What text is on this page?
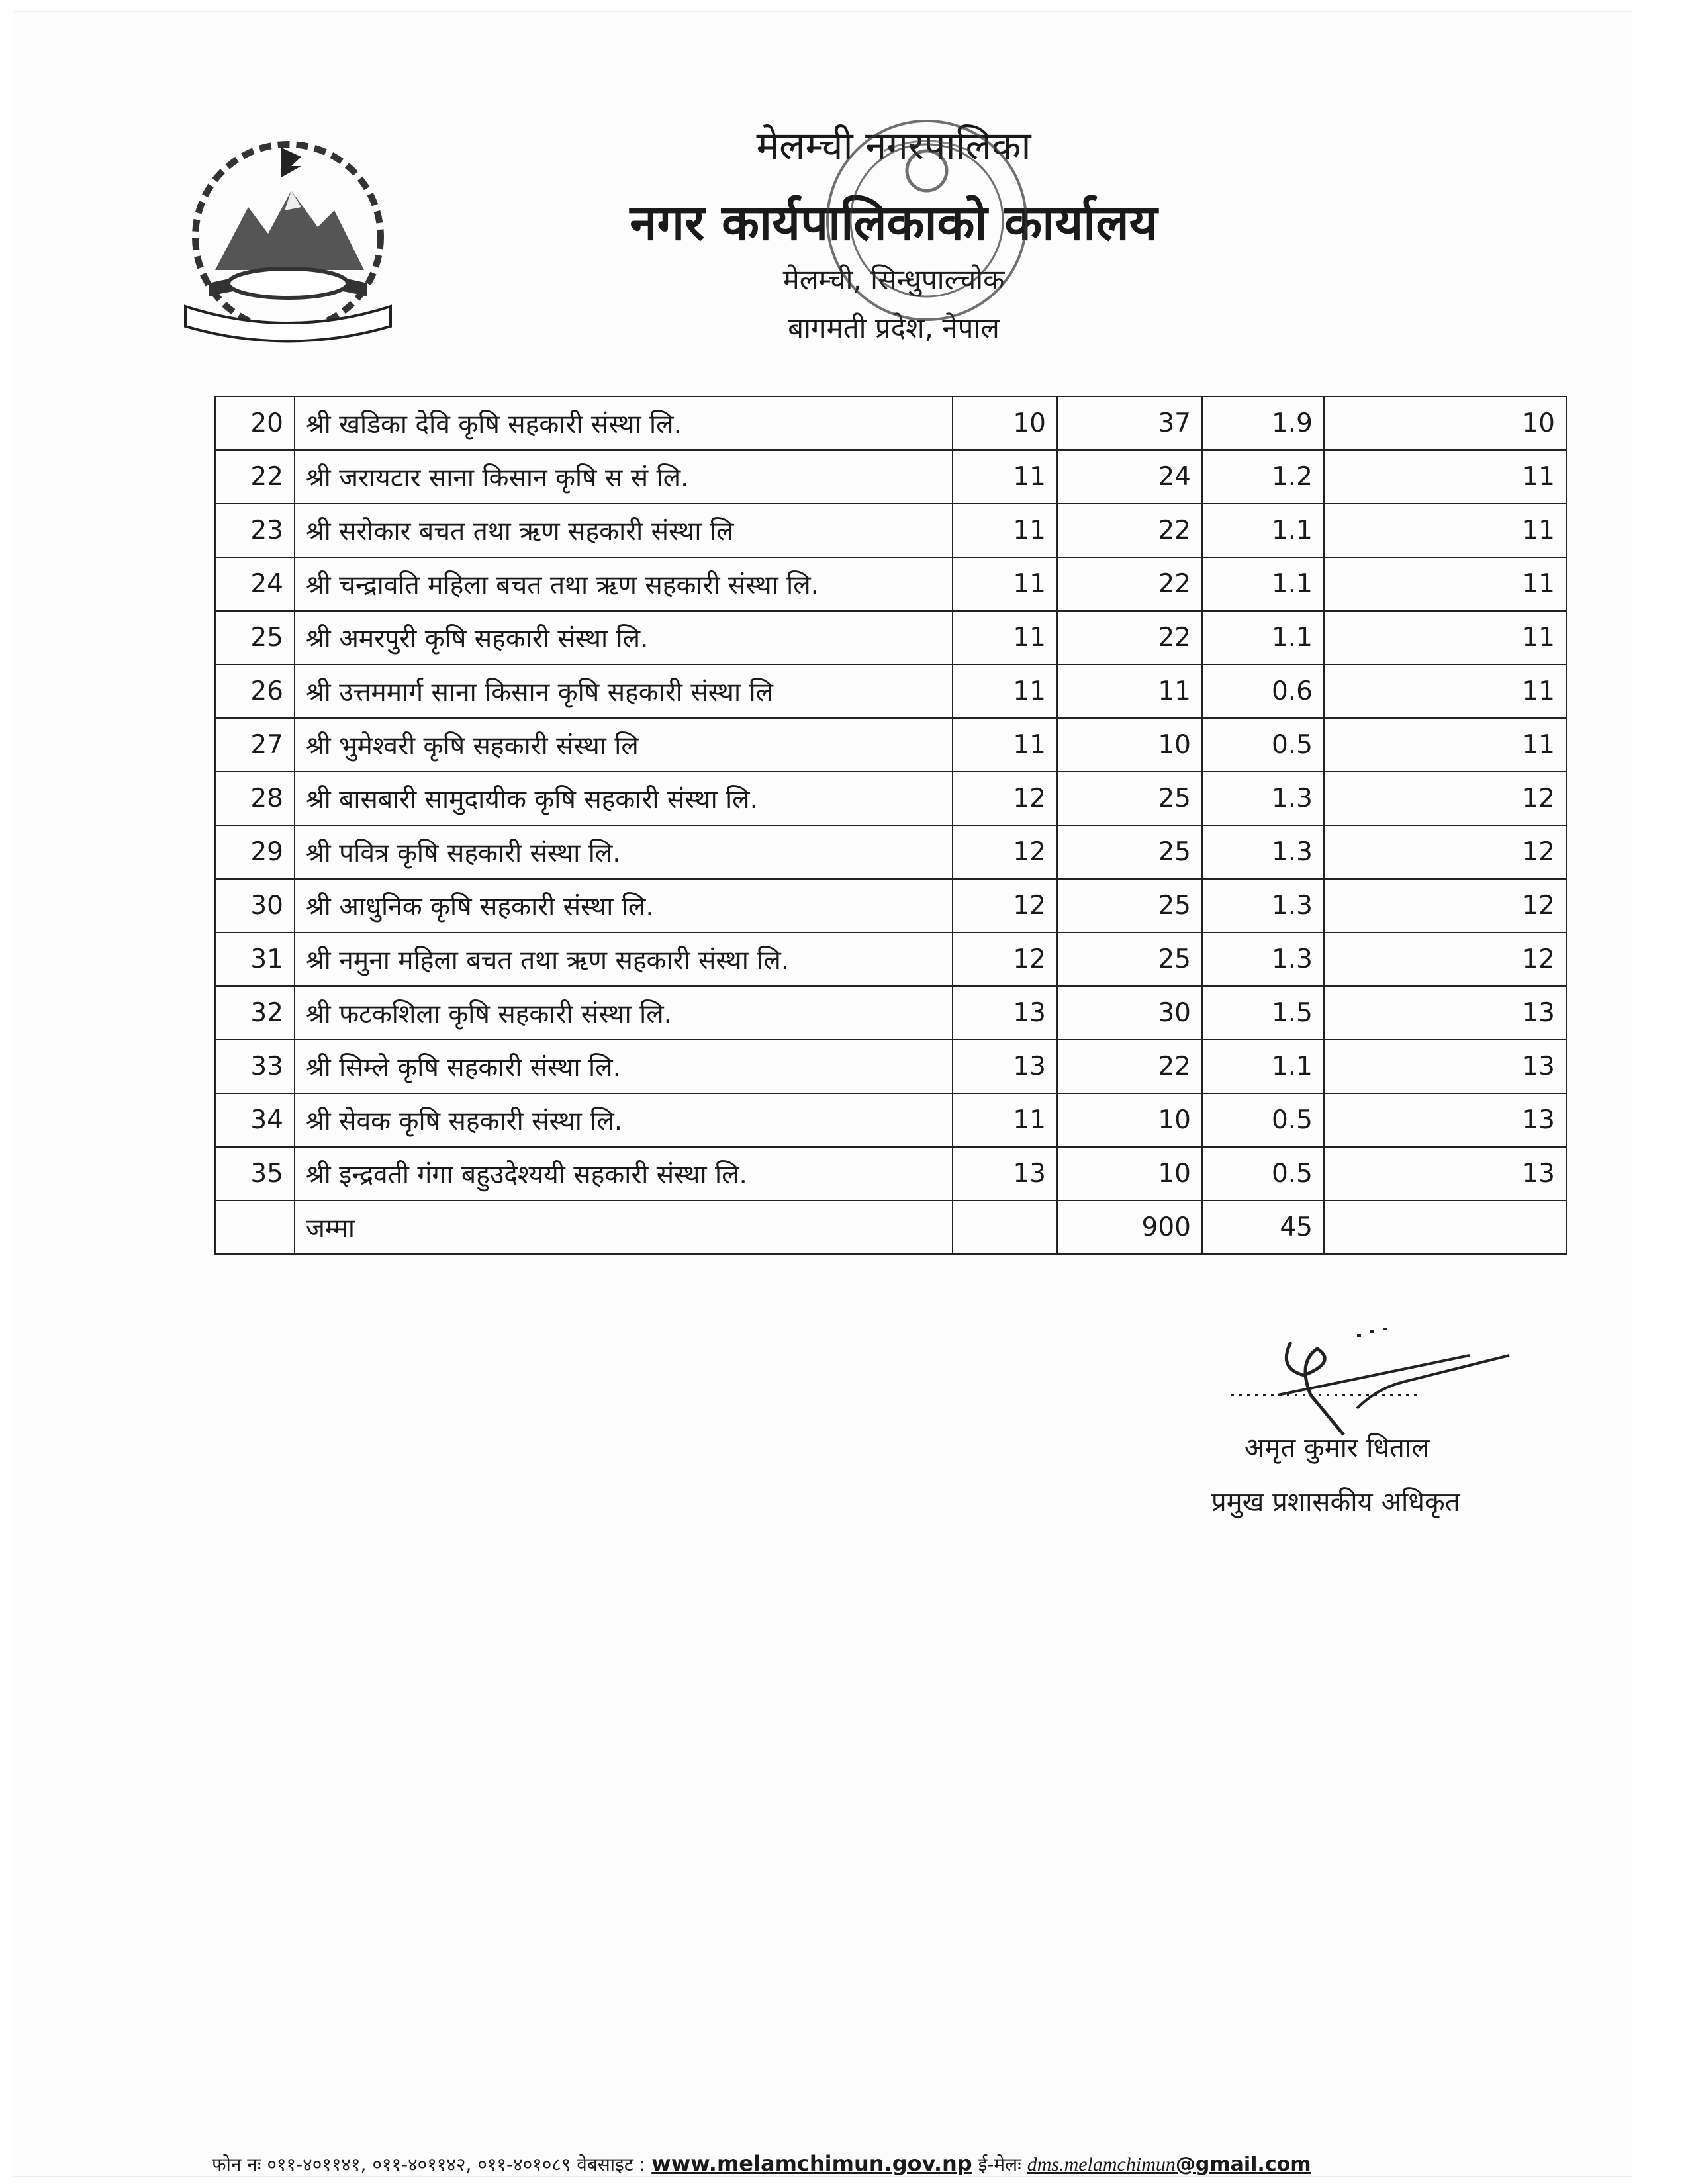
मेलम्ची नगरपालिका
नगर कार्यपालिकाको कार्यालय
मेलम्ची, सिन्धुपाल्चोक
बागमती प्रदेश, नेपाल
20	श्री खडिका देवि कृषि सहकारी संस्था लि.	10	37	1.9	10
22	श्री जरायटार साना किसान कृषि स सं लि.	11	24	1.2	11
23	श्री सरोकार बचत तथा ऋण सहकारी संस्था लि	11	22	1.1	11
24	श्री चन्द्रावति महिला बचत तथा ऋण सहकारी संस्था लि.	11	22	1.1	11
25	श्री अमरपुरी कृषि सहकारी संस्था लि.	11	22	1.1	11
26	श्री उत्तममार्ग साना किसान कृषि सहकारी संस्था लि	11	11	0.6	11
27	श्री भुमेश्वरी कृषि सहकारी संस्था लि	11	10	0.5	11
28	श्री बासबारी सामुदायीक कृषि सहकारी संस्था लि.	12	25	1.3	12
29	श्री पवित्र कृषि सहकारी संस्था लि.	12	25	1.3	12
30	श्री आधुनिक कृषि सहकारी संस्था लि.	12	25	1.3	12
31	श्री नमुना महिला बचत तथा ऋण सहकारी संस्था लि.	12	25	1.3	12
32	श्री फटकशिला कृषि सहकारी संस्था लि.	13	30	1.5	13
33	श्री सिम्ले कृषि सहकारी संस्था लि.	13	22	1.1	13
34	श्री सेवक कृषि सहकारी संस्था लि.	11	10	0.5	13
35	श्री इन्द्रवती गंगा बहुउदेश्ययी सहकारी संस्था लि.	13	10	0.5	13
	जम्मा		900	45	
अमृत कुमार धिताल
प्रमुख प्रशासकीय अधिकृत
फोन नः ०११-४०११४१, ०११-४०११४२, ०११-४०१०८९ वेबसाइट : www.melamchimun.gov.np ई-मेलः dms.melamchimun@gmail.com
